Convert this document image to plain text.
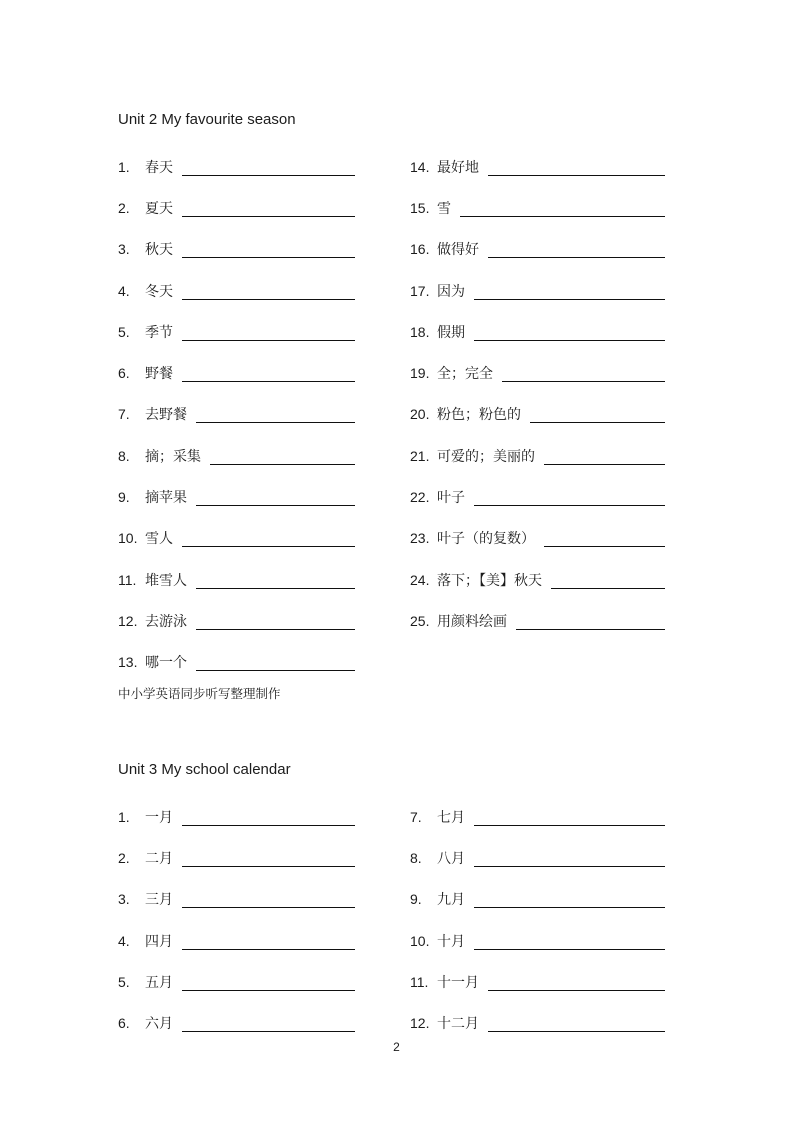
Unit 2 My favourite season
1.	春天
2.	夏天
3.	秋天
4.	冬天
5.	季节
6.	野餐
7.	去野餐
8.	摘；采集
9.	摘苹果
10. 雪人
11. 堆雪人
12. 去游泳
13. 哪一个
14. 最好地
15. 雪
16. 做得好
17. 因为
18. 假期
19. 全；完全
20. 粉色；粉色的
21. 可爱的；美丽的
22. 叶子
23. 叶子（的复数）
24. 落下；【美】秋天
25. 用颜料绘画
中小学英语同步听写整理制作
Unit 3 My school calendar
1.	一月
2.	二月
3.	三月
4.	四月
5.	五月
6.	六月
7.	七月
8.	八月
9.	九月
10. 十月
11. 十一月
12. 十二月
2
